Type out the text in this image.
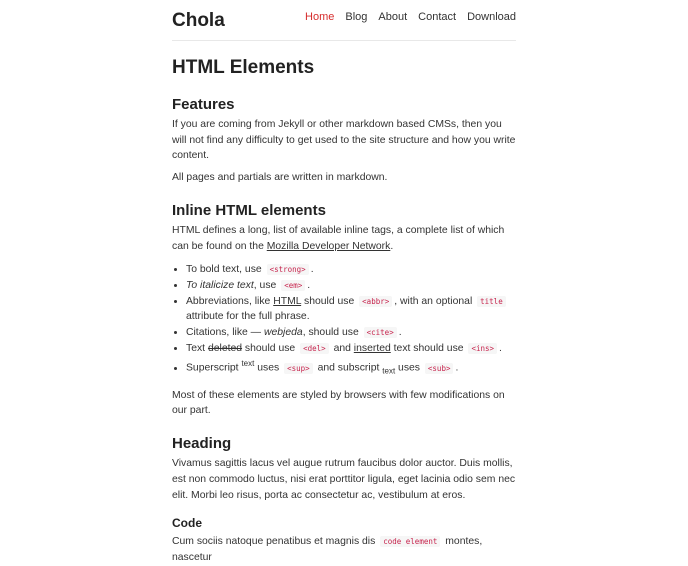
Chola	Home Blog About Contact Download
HTML Elements
Features

If you are coming from Jekyll or other markdown based CMSs, then you will not find any difficulty to get used to the site structure and how you write content.

All pages and partials are written in markdown.

Inline HTML elements

HTML defines a long, list of available inline tags, a complete list of which can be found on the Mozilla Developer Network.

• To bold text, use <strong> .
• To italicize text, use <em> .
• Abbreviations, like HTML should use <abbr> , with an optional title attribute for the full phrase.
• Citations, like — webjeda, should use <cite> .
• Text deleted should use <del> and inserted text should use <ins> .
• Superscript $^{text}$ uses <sup> and subscript $_{text}$ uses <sub> .

Most of these elements are styled by browsers with few modifications on our part.

Heading

Vivamus sagittis lacus vel augue rutrum faucibus dolor auctor. Duis mollis, est non commodo luctus, nisi erat porttitor ligula, eget lacinia odio sem nec elit. Morbi leo risus, porta ac consectetur ac, vestibulum at eros.

Code

Cum sociis natoque penatibus et magnis dis code element montes, nascetur
